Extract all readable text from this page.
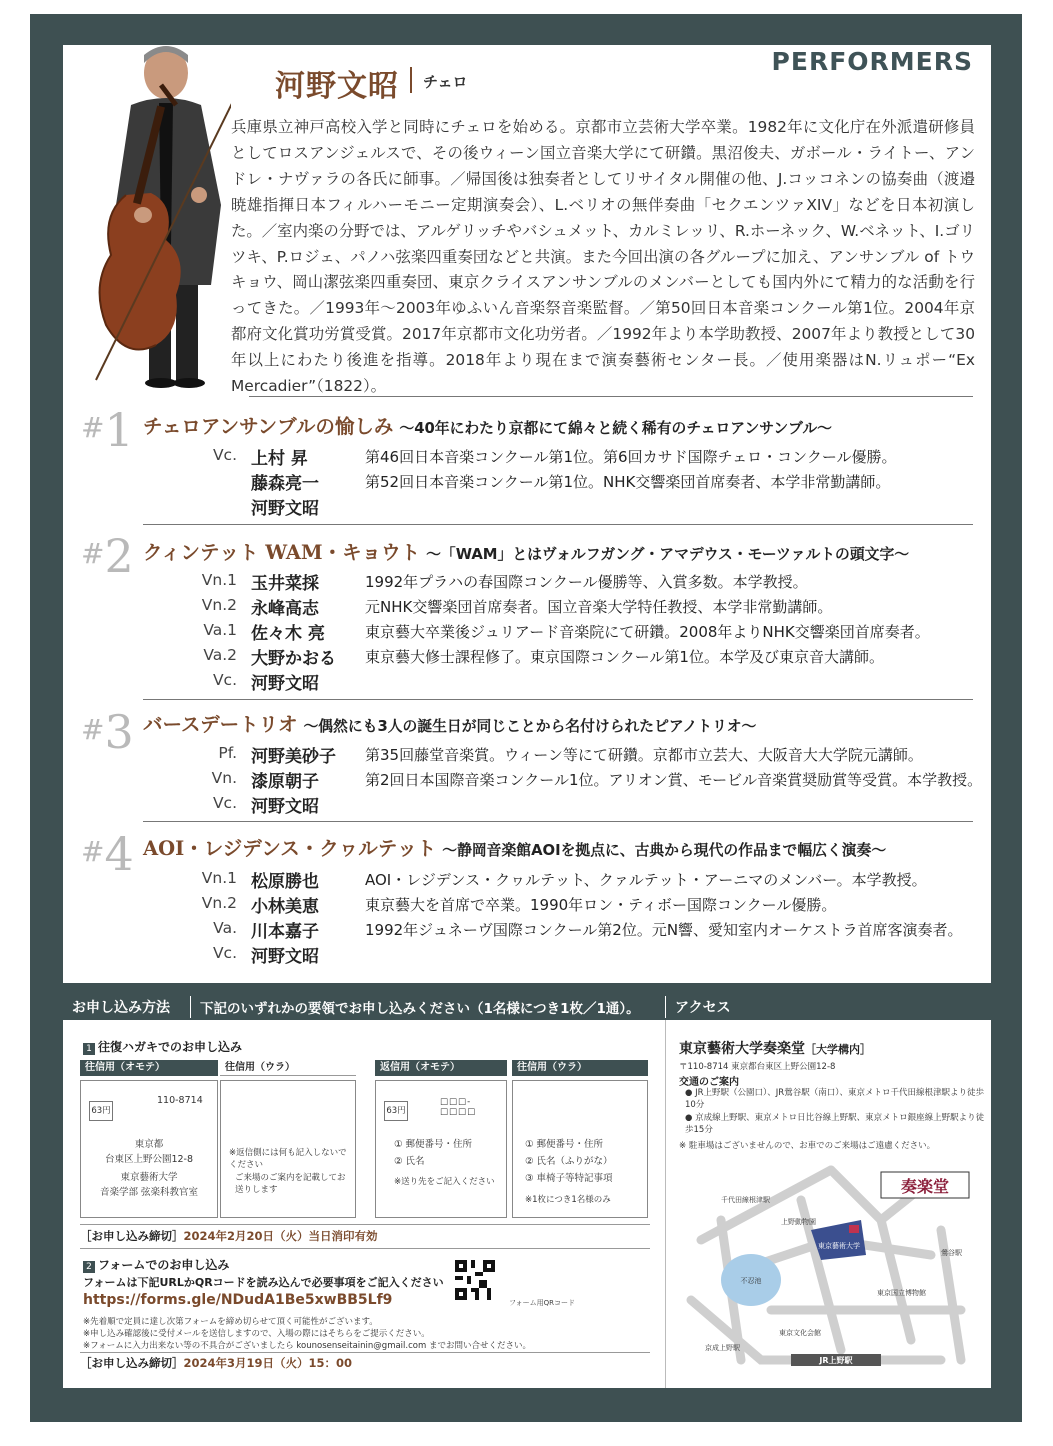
PERFORMERS
河野文昭 チェロ
兵庫県立神戸高校入学と同時にチェロを始める。京都市立芸術大学卒業。1982年に文化庁在外派遣研修員としてロスアンジェルスで、その後ウィーン国立音楽大学にて研鑽。黒沼俊夫、ガボール・ライトー、アンドレ・ナヴァラの各氏に師事。／帰国後は独奏者としてリサイタル開催の他、J.コッコネンの協奏曲（渡邉暁雄指揮日本フィルハーモニー定期演奏会）、L.ベリオの無伴奏曲「セクエンツァXIV」などを日本初演した。／室内楽の分野では、アルゲリッチやバシュメット、カルミレッリ、R.ホーネック、W.ベネット、I.ゴリツキ、P.ロジェ、パノハ弦楽四重奏団などと共演。また今回出演の各グループに加え、アンサンブル of トウキョウ、岡山潔弦楽四重奏団、東京クライスアンサンブルのメンバーとしても国内外にて精力的な活動を行ってきた。／1993年〜2003年ゆふいん音楽祭音楽監督。／第50回日本音楽コンクール第1位。2004年京都府文化賞功労賞受賞。2017年京都市文化功労者。／1992年より本学助教授、2007年より教授として30年以上にわたり後進を指導。2018年より現在まで演奏藝術センター長。／使用楽器はN.リュポー“Ex Mercadier”（1822）。
#1 チェロアンサンブルの愉しみ 〜40年にわたり京都にて綿々と続く稀有のチェロアンサンブル〜
Vc. 上村 昇	第46回日本音楽コンクール第1位。第6回カサド国際チェロ・コンクール優勝。
藤森亮一	第52回日本音楽コンクール第1位。NHK交響楽団首席奏者、本学非常勤講師。
河野文昭
#2 クィンテット WAM・キョウト 〜「WAM」とはヴォルフガング・アマデウス・モーツァルトの頭文字〜
Vn.1 玉井菜採	1992年プラハの春国際コンクール優勝等、入賞多数。本学教授。
Vn.2 永峰高志	元NHK交響楽団首席奏者。国立音楽大学特任教授、本学非常勤講師。
Va.1 佐々木 亮	東京藝大卒業後ジュリアード音楽院にて研鑽。2008年よりNHK交響楽団首席奏者。
Va.2 大野かおる 東京藝大修士課程修了。東京国際コンクール第1位。本学及び東京音大講師。
Vc. 河野文昭
#3 バースデートリオ 〜偶然にも3人の誕生日が同じことから名付けられたピアノトリオ〜
Pf. 河野美砂子 第35回藤堂音楽賞。ウィーン等にて研鑽。京都市立芸大、大阪音大大学院元講師。
Vn. 漆原朝子	第2回日本国際音楽コンクール1位。アリオン賞、モービル音楽賞奨励賞等受賞。本学教授。
Vc. 河野文昭
#4 AOI・レジデンス・クヮルテット 〜静岡音楽館AOIを拠点に、古典から現代の作品まで幅広く演奏〜
Vn.1 松原勝也	AOI・レジデンス・クヮルテット、クァルテット・アーニマのメンバー。本学教授。
Vn.2 小林美恵	東京藝大を首席で卒業。1990年ロン・ティボー国際コンクール優勝。
Va. 川本嘉子	1992年ジュネーヴ国際コンクール第2位。元N響、愛知室内オーケストラ首席客演奏者。
Vc. 河野文昭
お申し込み方法 下記のいずれかの要領でお申し込みください（1名様につき1枚／1通）。	アクセス
1 往復ハガキでのお申し込み
往信用（オモテ）	往信用（ウラ）	返信用（オモテ）	往信用（ウラ）
63円
110-8714
東京都
台東区上野公園12-8
東京藝術大学
音楽学部 弦楽科教官室
※返信側には何も記入しないでください
ご来場のご案内を記載してお送りします
63円
□□□-□□□□
① 郵便番号・住所
② 氏名
※送り先をご記入ください
① 郵便番号・住所
② 氏名（ふりがな）
③ 車椅子等特記事項
※1枚につき1名様のみ
［お申し込み締切］2024年2月20日（火）当日消印有効
2 フォームでのお申し込み
フォームは下記URLかQRコードを読み込んで必要事項をご記入ください
https://forms.gle/NDudA1Be5xwBB5Lf9	フォーム用QRコード
※先着順で定員に達し次第フォームを締め切らせて頂く可能性がございます。
※申し込み確認後に受付メールを送信しますので、入場の際にはそちらをご提示ください。
※フォームに入力出来ない等の不具合がございましたら kounosenseitainin@gmail.com までお問い合せください。
［お申し込み締切］2024年3月19日（火）15：00
東京藝術大学奏楽堂［大学構内］
〒110-8714 東京都台東区上野公園12-8
交通のご案内
● JR上野駅（公園口）、JR鶯谷駅（南口）、東京メトロ千代田線根津駅より徒歩10分
● 京成線上野駅、東京メトロ日比谷線上野駅、東京メトロ銀座線上野駅より徒歩15分
※ 駐車場はございませんので、お車でのご来場はご遠慮ください。
奏楽堂
東京藝術大学
不忍池
千代田線根津駅
上野動物園
東京国立博物館
東京文化会館
鶯谷駅
京成上野駅
JR上野駅
